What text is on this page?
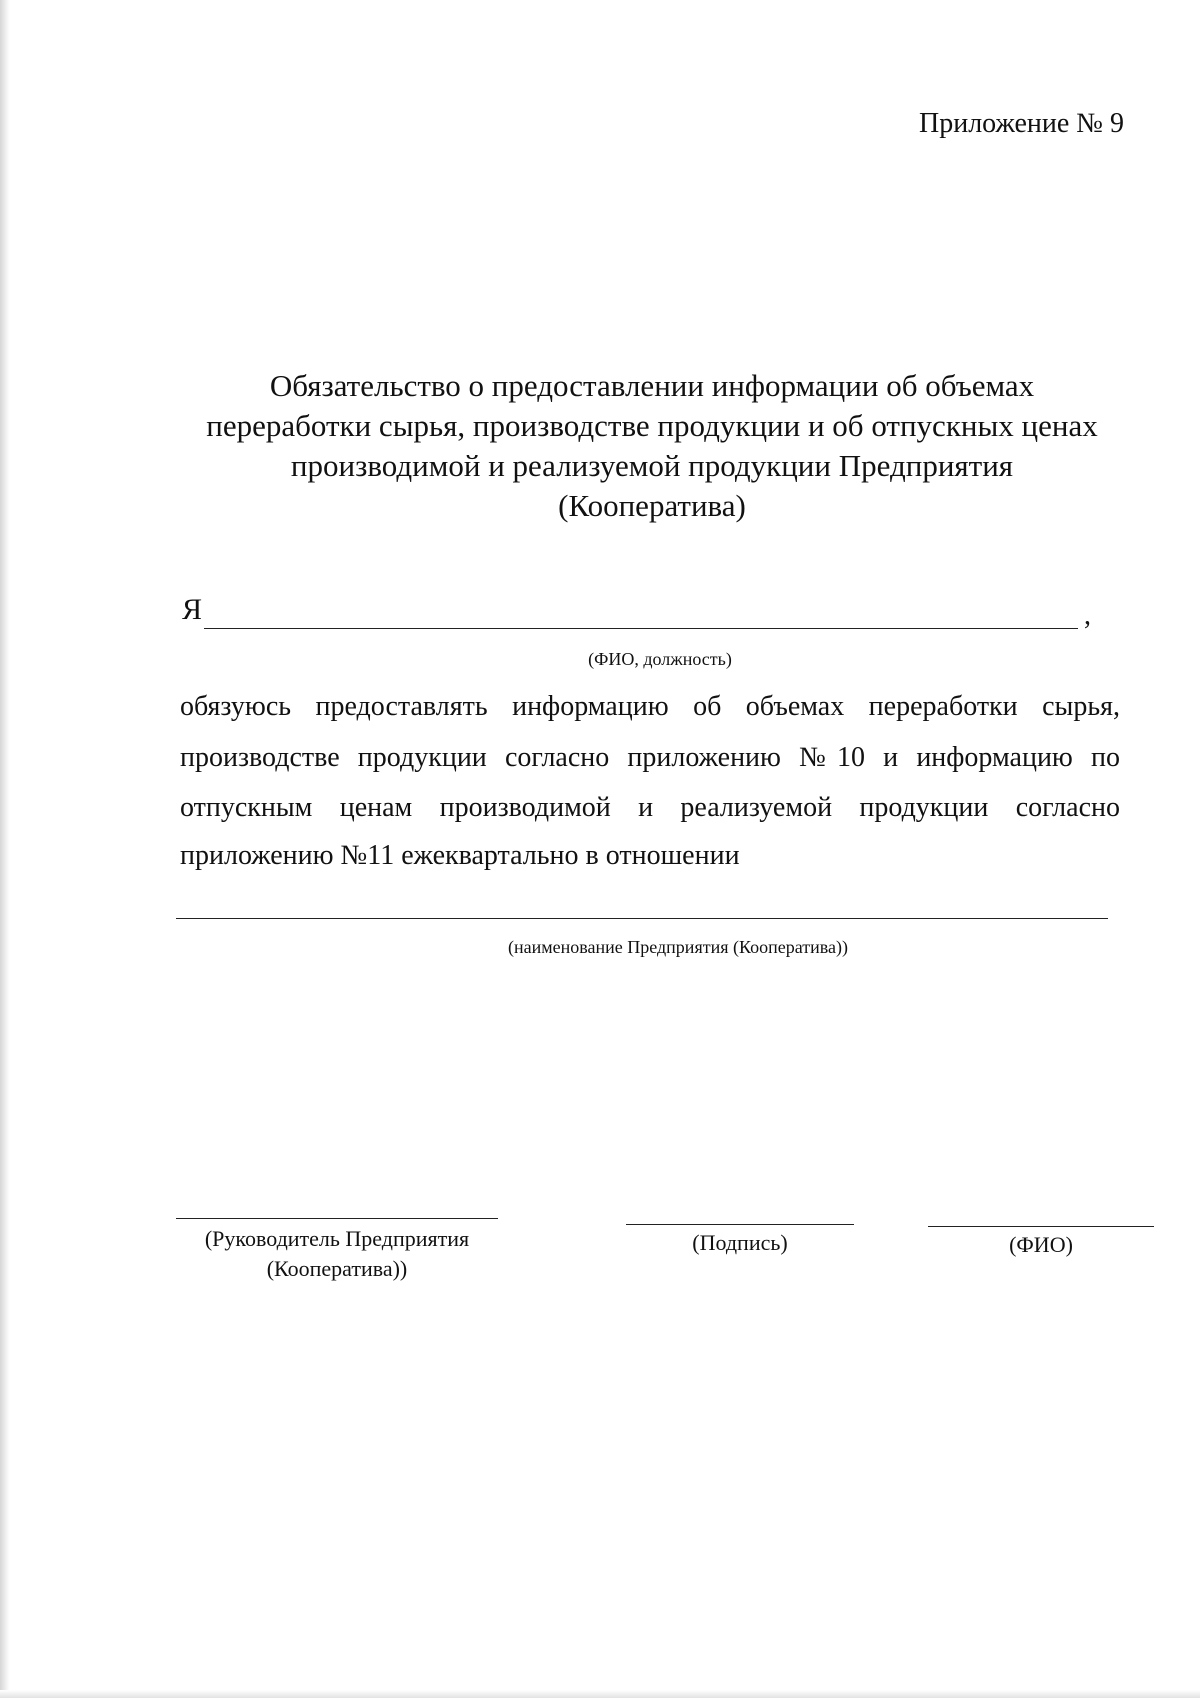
Приложение № 9
Обязательство о предоставлении информации об объемах
переработки сырья, производстве продукции и об отпускных ценах
производимой и реализуемой продукции Предприятия
(Кооператива)
Я	,
(ФИО, должность)
обязуюсь предоставлять информацию об объемах переработки сырья,
производстве продукции согласно приложению №10 и информацию по
отпускным ценам производимой и реализуемой продукции согласно
приложению №11 ежеквартально в отношении
(наименование Предприятия (Кооператива))
(Руководитель Предприятия
(Кооператива))
(Подпись)	(ФИО)
